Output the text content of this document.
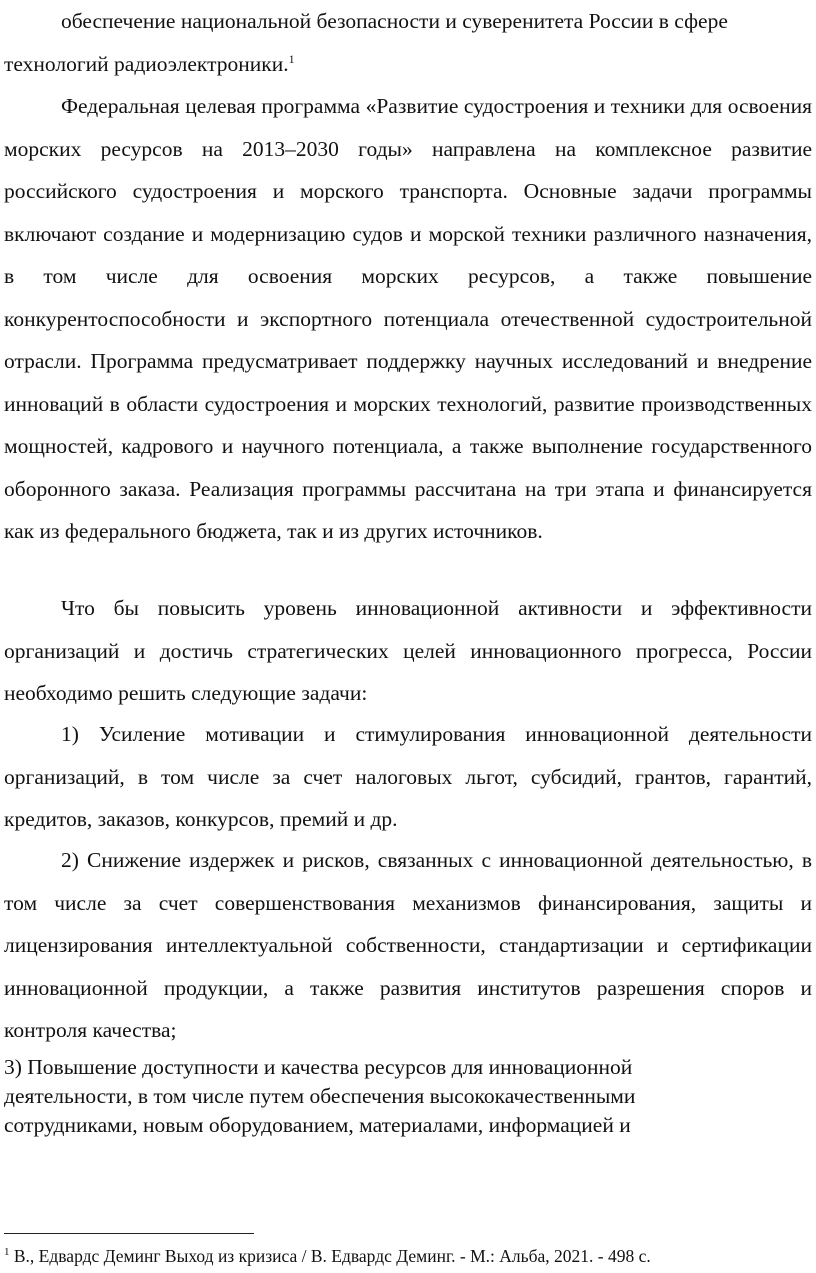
обеспечение национальной безопасности и суверенитета России в сфере технологий радиоэлектроники.$^1$

Федеральная целевая программа «Развитие судостроения и техники для освоения морских ресурсов на 2013–2030 годы» направлена на комплексное развитие российского судостроения и морского транспорта. Основные задачи программы включают создание и модернизацию судов и морской техники различного назначения, в том числе для освоения морских ресурсов, а также повышение конкурентоспособности и экспортного потенциала отечественной судостроительной отрасли. Программа предусматривает поддержку научных исследований и внедрение инноваций в области судостроения и морских технологий, развитие производственных мощностей, кадрового и научного потенциала, а также выполнение государственного оборонного заказа. Реализация программы рассчитана на три этапа и финансируется как из федерального бюджета, так и из других источников.

Что бы повысить уровень инновационной активности и эффективности организаций и достичь стратегических целей инновационного прогресса, России необходимо решить следующие задачи:

1) Усиление мотивации и стимулирования инновационной деятельности организаций, в том числе за счет налоговых льгот, субсидий, грантов, гарантий, кредитов, заказов, конкурсов, премий и др.

2) Снижение издержек и рисков, связанных с инновационной деятельностью, в том числе за счет совершенствования механизмов финансирования, защиты и лицензирования интеллектуальной собственности, стандартизации и сертификации инновационной продукции, а также развития институтов разрешения споров и контроля качества;

3) Повышение доступности и качества ресурсов для инновационной деятельности, в том числе путем обеспечения высококачественными сотрудниками, новым оборудованием, материалами, информацией и

$^1$ В., Едвардс Деминг Выход из кризиса / В. Едвардс Деминг. - М.: Альба, 2021. - 498 с.
